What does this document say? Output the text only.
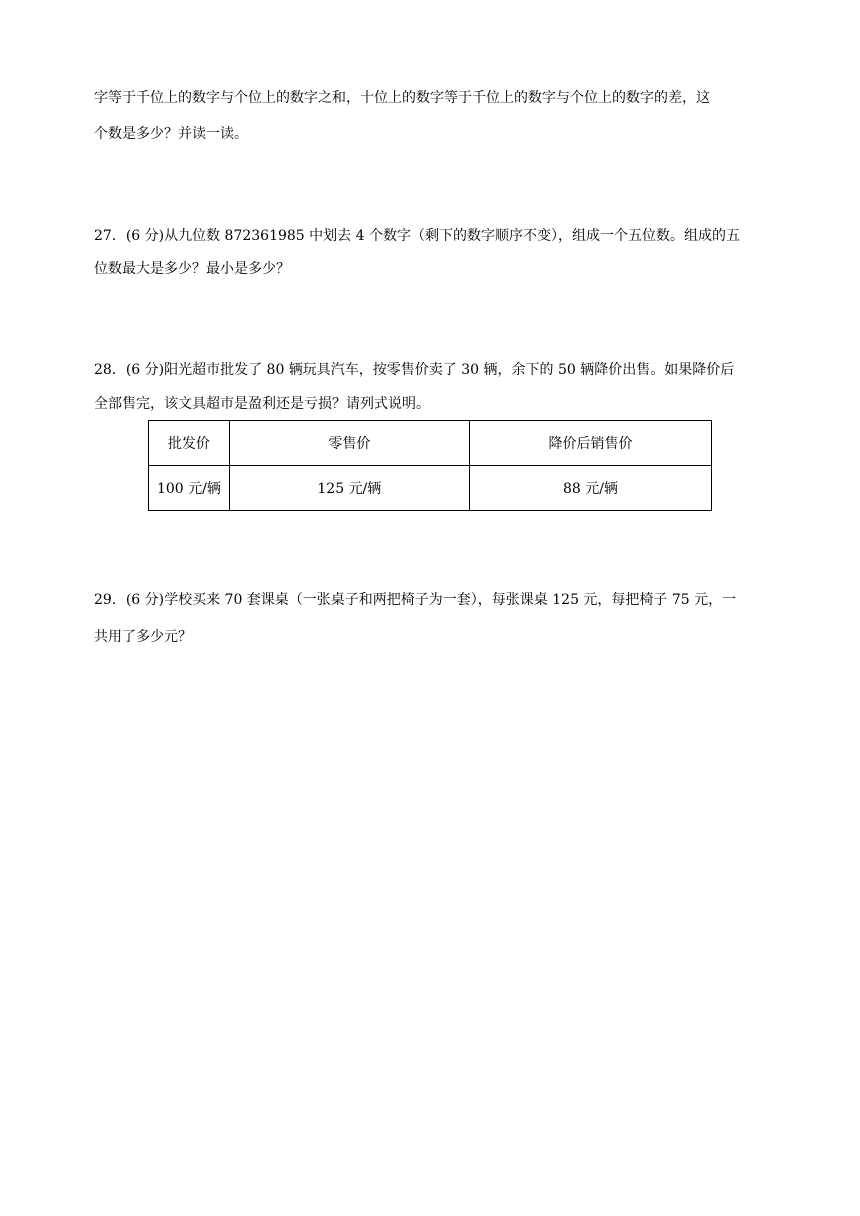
字等于千位上的数字与个位上的数字之和，十位上的数字等于千位上的数字与个位上的数字的差，这
个数是多少？并读一读。
27．(6 分)从九位数 872361985 中划去 4 个数字（剩下的数字顺序不变），组成一个五位数。组成的五
位数最大是多少？最小是多少？
28．(6 分)阳光超市批发了 80 辆玩具汽车，按零售价卖了 30 辆，余下的 50 辆降价出售。如果降价后
全部售完，该文具超市是盈利还是亏损？请列式说明。
批发价	零售价	降价后销售价
100 元/辆	125 元/辆	88 元/辆
29．(6 分)学校买来 70 套课桌（一张桌子和两把椅子为一套），每张课桌 125 元，每把椅子 75 元，一
共用了多少元？
